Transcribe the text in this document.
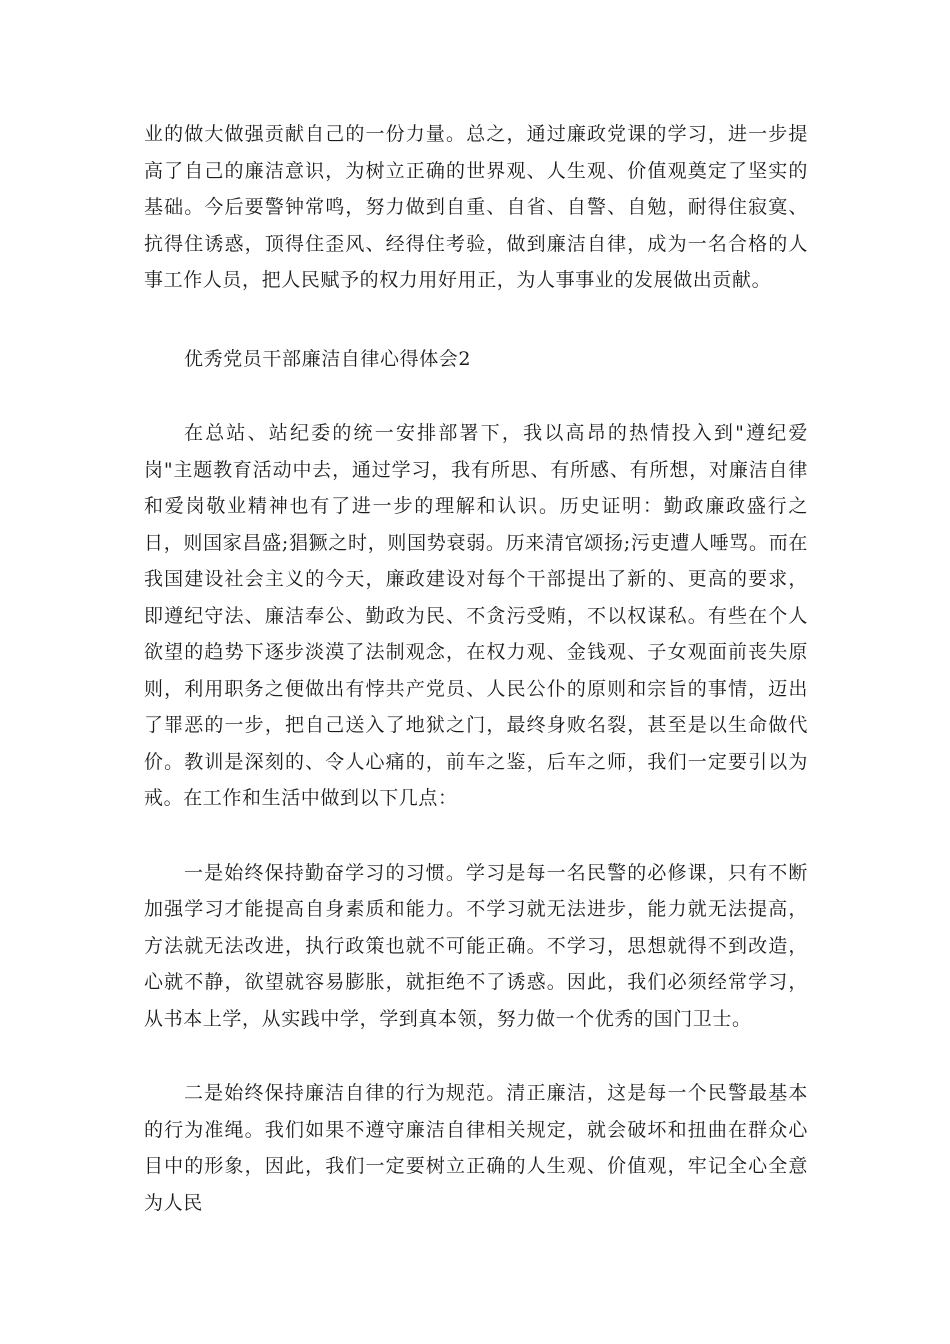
业的做大做强贡献自己的一份力量。总之，通过廉政党课的学习，进一步提高了自己的廉洁意识，为树立正确的世界观、人生观、价值观奠定了坚实的基础。今后要警钟常鸣，努力做到自重、自省、自警、自勉，耐得住寂寞、抗得住诱惑，顶得住歪风、经得住考验，做到廉洁自律，成为一名合格的人事工作人员，把人民赋予的权力用好用正，为人事事业的发展做出贡献。

优秀党员干部廉洁自律心得体会2

在总站、站纪委的统一安排部署下，我以高昂的热情投入到"遵纪爱岗"主题教育活动中去，通过学习，我有所思、有所感、有所想，对廉洁自律和爱岗敬业精神也有了进一步的理解和认识。历史证明：勤政廉政盛行之日，则国家昌盛;猖獗之时，则国势衰弱。历来清官颂扬;污吏遭人唾骂。而在我国建设社会主义的今天，廉政建设对每个干部提出了新的、更高的要求，即遵纪守法、廉洁奉公、勤政为民、不贪污受贿，不以权谋私。有些在个人欲望的趋势下逐步淡漠了法制观念，在权力观、金钱观、子女观面前丧失原则，利用职务之便做出有悖共产党员、人民公仆的原则和宗旨的事情，迈出了罪恶的一步，把自己送入了地狱之门，最终身败名裂，甚至是以生命做代价。教训是深刻的、令人心痛的，前车之鉴，后车之师，我们一定要引以为戒。在工作和生活中做到以下几点：

一是始终保持勤奋学习的习惯。学习是每一名民警的必修课，只有不断加强学习才能提高自身素质和能力。不学习就无法进步，能力就无法提高，方法就无法改进，执行政策也就不可能正确。不学习，思想就得不到改造，心就不静，欲望就容易膨胀，就拒绝不了诱惑。因此，我们必须经常学习，从书本上学，从实践中学，学到真本领，努力做一个优秀的国门卫士。

二是始终保持廉洁自律的行为规范。清正廉洁，这是每一个民警最基本的行为准绳。我们如果不遵守廉洁自律相关规定，就会破坏和扭曲在群众心目中的形象，因此，我们一定要树立正确的人生观、价值观，牢记全心全意为人民
